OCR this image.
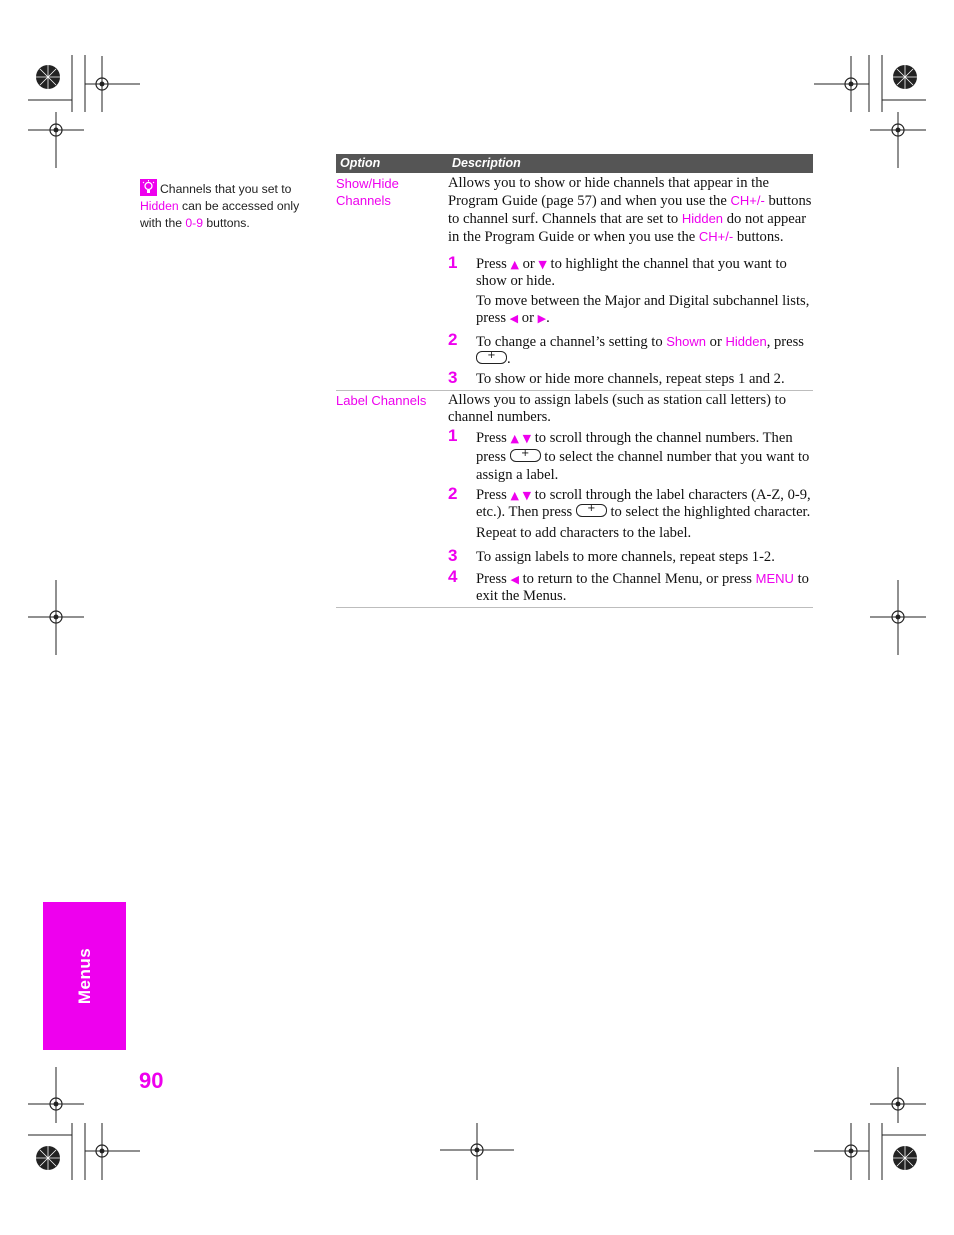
Channels that you set to Hidden can be accessed only with the 0-9 buttons.
Option	Description
Show/Hide Channels

Allows you to show or hide channels that appear in the Program Guide (page 57) and when you use the CH+/- buttons to channel surf. Channels that are set to Hidden do not appear in the Program Guide or when you use the CH+/- buttons.

1 Press ▲ or ▼ to highlight the channel that you want to show or hide.

To move between the Major and Digital subchannel lists, press ◀ or ▶.

2 To change a channel’s setting to Shown or Hidden, press +.

3 To show or hide more channels, repeat steps 1 and 2.

Label Channels	Allows you to assign labels (such as station call letters) to channel numbers.

1 Press ▲ ▼ to scroll through the channel numbers. Then press + to select the channel number that you want to assign a label.

2 Press ▲ ▼ to scroll through the label characters (A-Z, 0-9, etc.). Then press + to select the highlighted character.

Repeat to add characters to the label.

3 To assign labels to more channels, repeat steps 1-2.

4 Press ◀ to return to the Channel Menu, or press MENU to exit the Menus.

Menus
90
